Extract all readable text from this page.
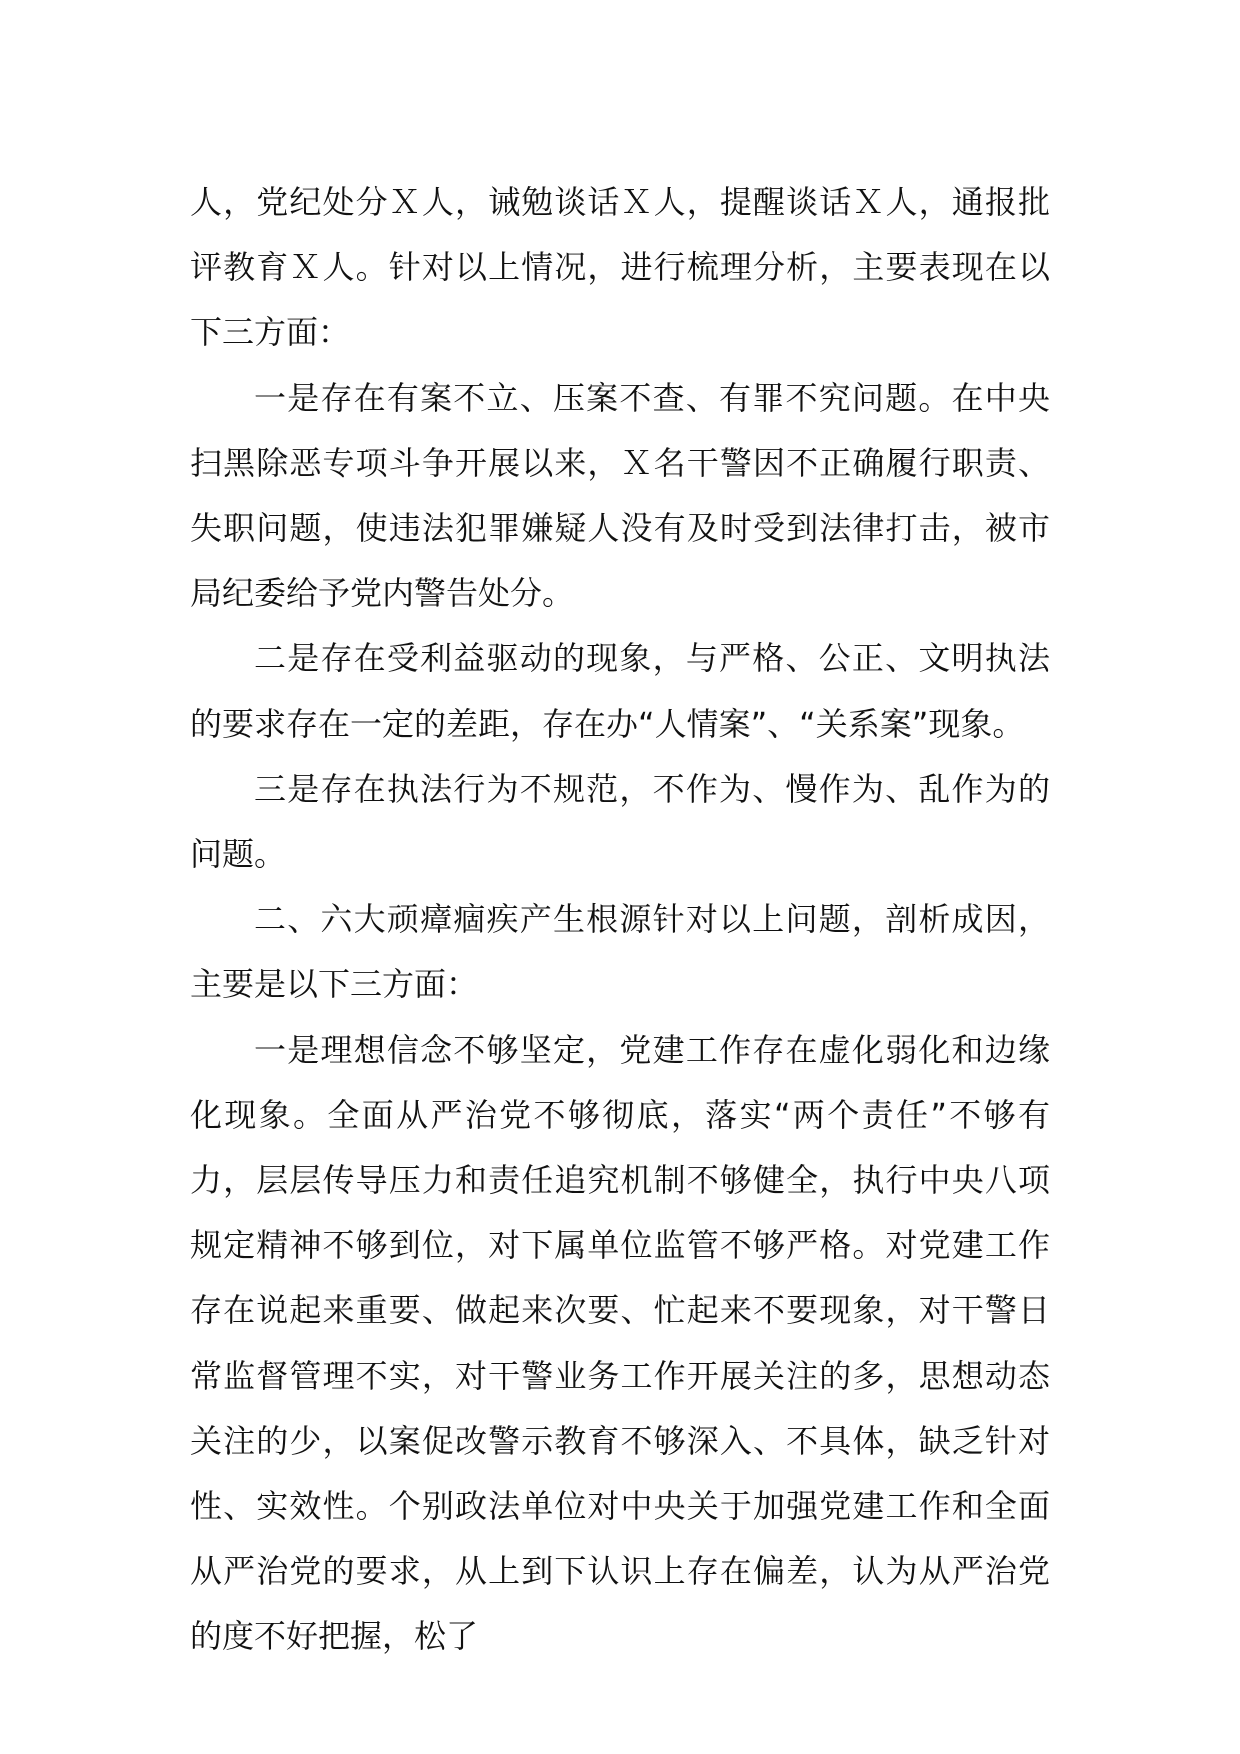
人，党纪处分Ｘ人，诫勉谈话Ｘ人，提醒谈话Ｘ人，通报批评教育Ｘ人。针对以上情况，进行梳理分析，主要表现在以下三方面：

一是存在有案不立、压案不查、有罪不究问题。在中央扫黑除恶专项斗争开展以来，Ｘ名干警因不正确履行职责、失职问题，使违法犯罪嫌疑人没有及时受到法律打击，被市局纪委给予党内警告处分。

二是存在受利益驱动的现象，与严格、公正、文明执法的要求存在一定的差距，存在办“人情案”、“关系案”现象。

三是存在执法行为不规范，不作为、慢作为、乱作为的问题。

二、六大顽瘴痼疾产生根源针对以上问题，剖析成因，主要是以下三方面：

一是理想信念不够坚定，党建工作存在虚化弱化和边缘化现象。全面从严治党不够彻底，落实“两个责任”不够有力，层层传导压力和责任追究机制不够健全，执行中央八项规定精神不够到位，对下属单位监管不够严格。对党建工作存在说起来重要、做起来次要、忙起来不要现象，对干警日常监督管理不实，对干警业务工作开展关注的多，思想动态关注的少，以案促改警示教育不够深入、不具体，缺乏针对性、实效性。个别政法单位对中央关于加强党建工作和全面从严治党的要求，从上到下认识上存在偏差，认为从严治党的度不好把握，松了
